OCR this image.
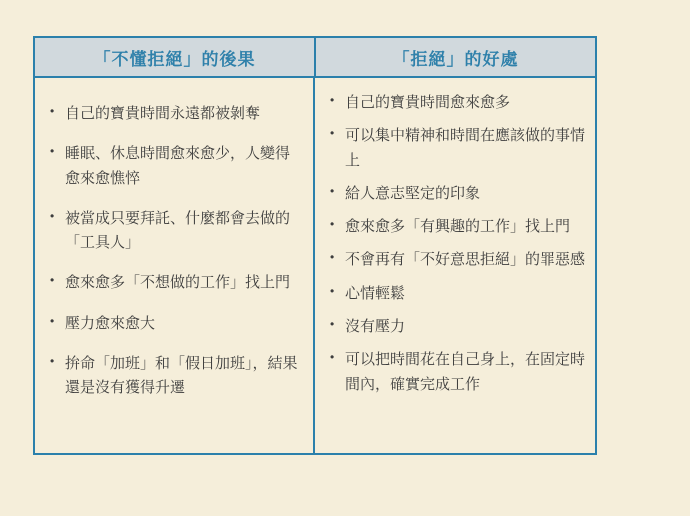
「不懂拒絕」的後果	「拒絕」的好處
• 自己的寶貴時間永遠都被剝奪
• 睡眠、休息時間愈來愈少，人變得愈來愈憔悴
• 被當成只要拜託、什麼都會去做的「工具人」
• 愈來愈多「不想做的工作」找上門
• 壓力愈來愈大
• 拚命「加班」和「假日加班」，結果還是沒有獲得升遷
• 自己的寶貴時間愈來愈多
• 可以集中精神和時間在應該做的事情上
• 給人意志堅定的印象
• 愈來愈多「有興趣的工作」找上門
• 不會再有「不好意思拒絕」的罪惡感
• 心情輕鬆
• 沒有壓力
• 可以把時間花在自己身上，在固定時間內，確實完成工作
